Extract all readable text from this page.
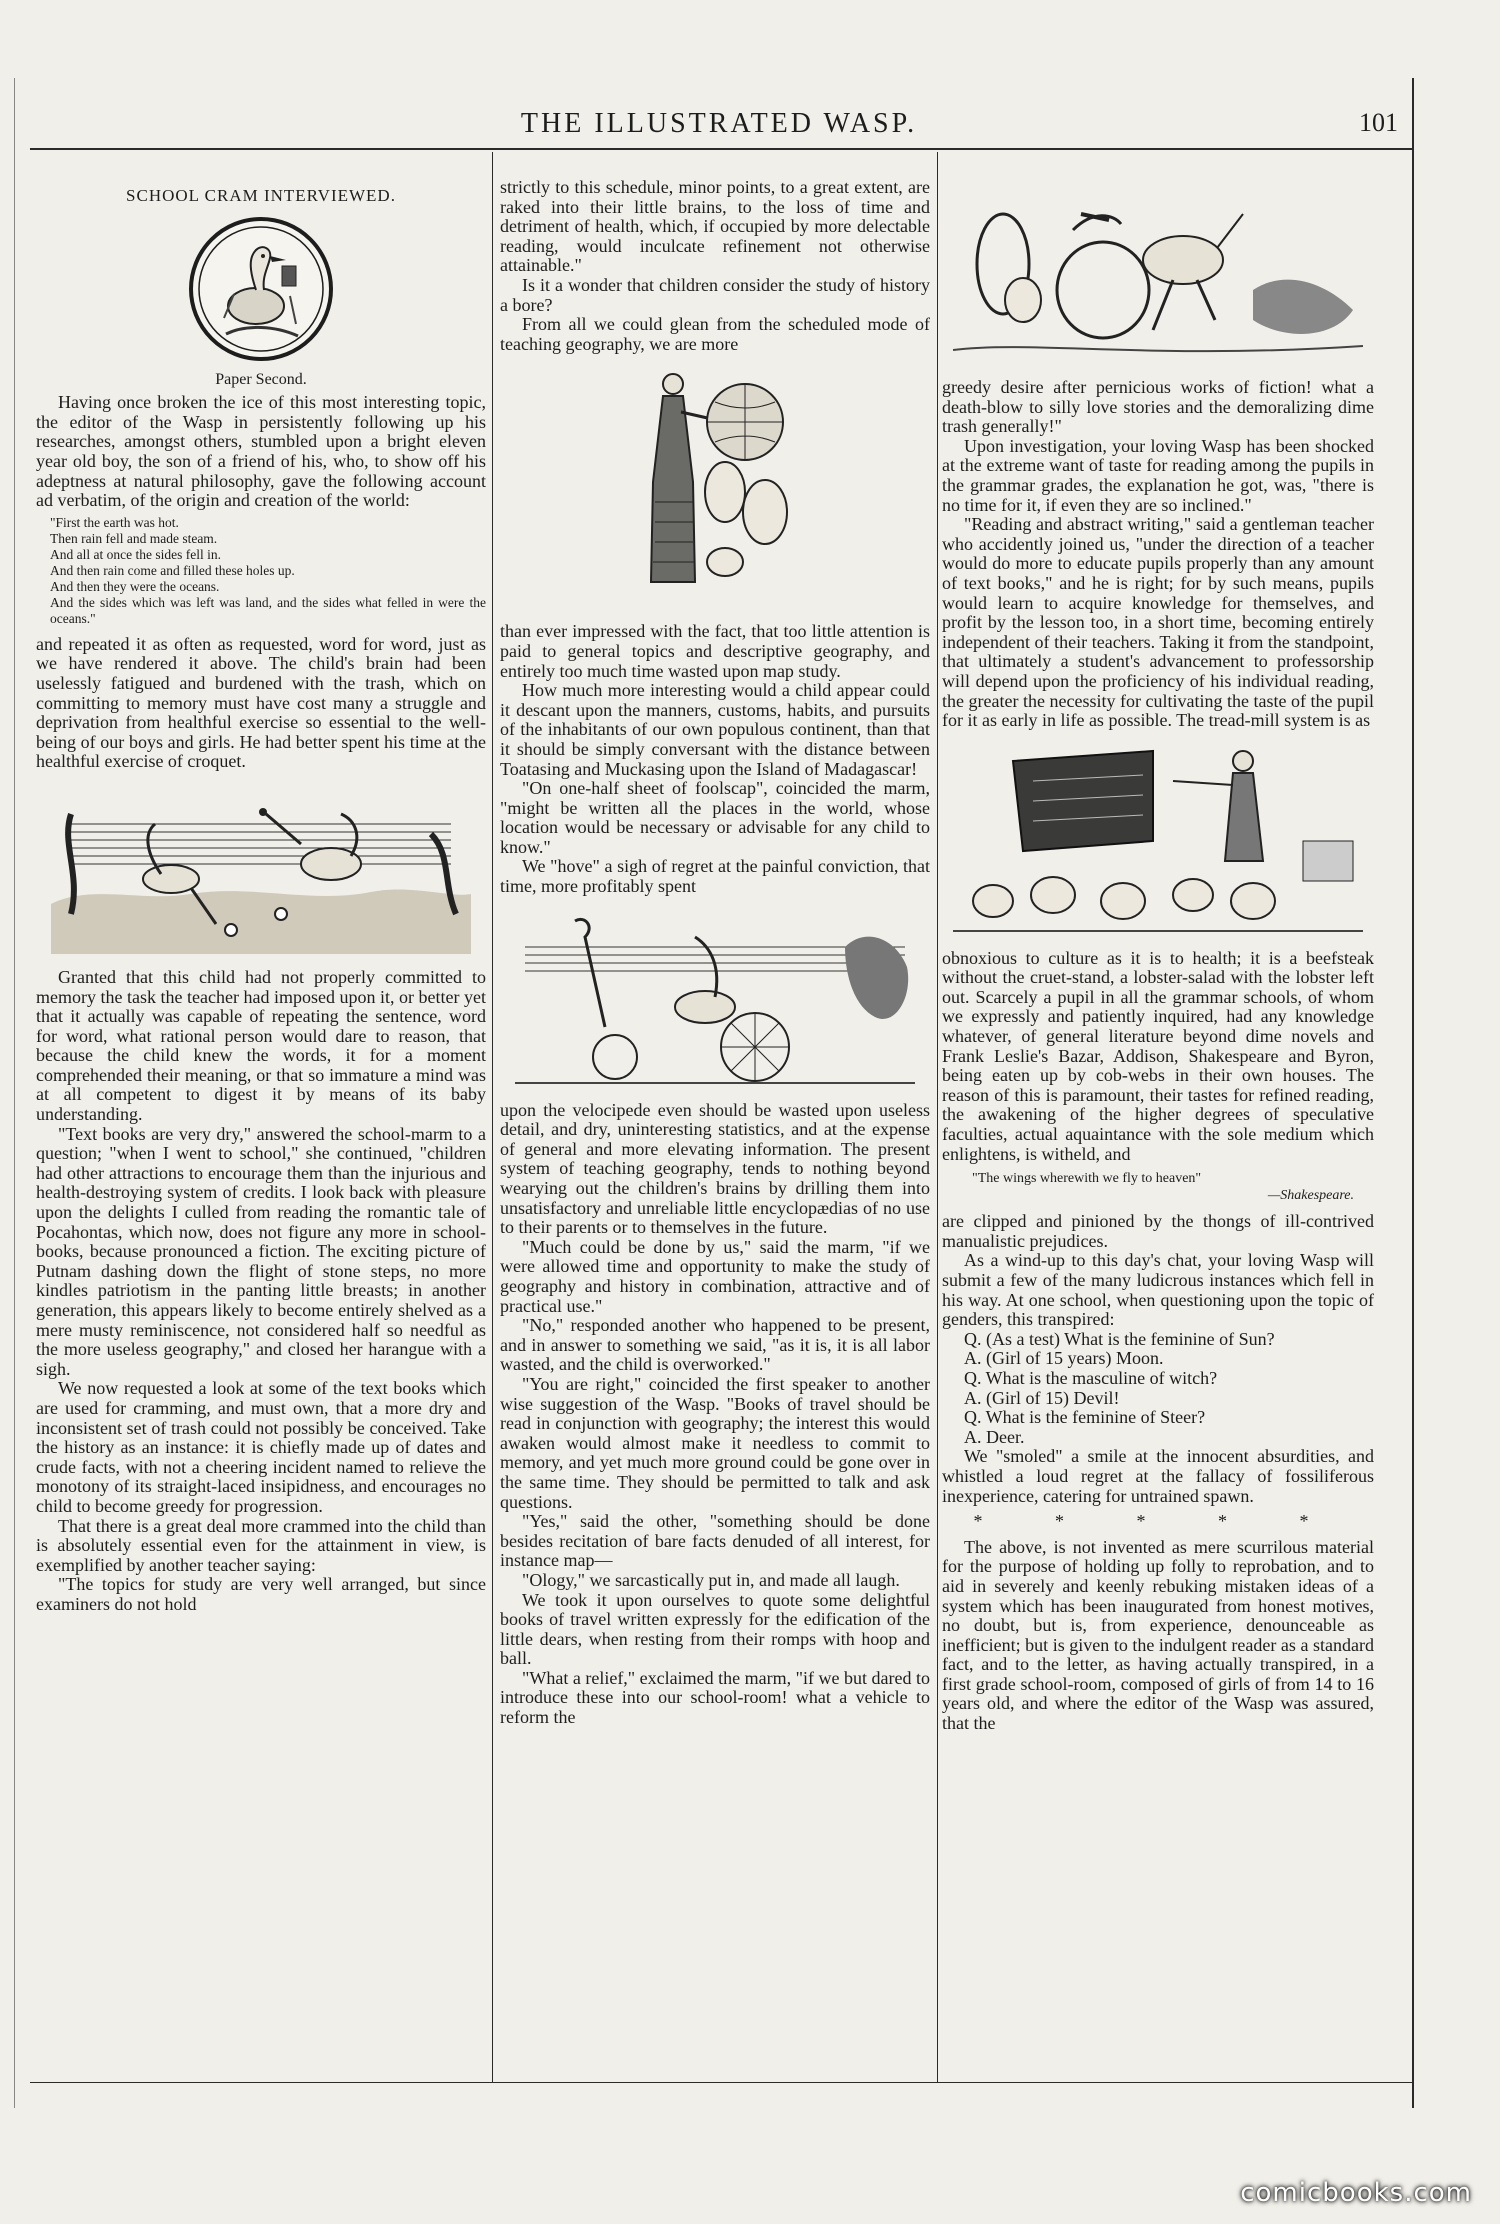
THE ILLUSTRATED WASP.	101
SCHOOL CRAM INTERVIEWED.
Paper Second.

Having once broken the ice of this most interesting topic, the editor of the Wasp in persistently following up his researches, amongst others, stumbled upon a bright eleven year old boy, the son of a friend of his, who, to show off his adeptness at natural philosophy, gave the following account ad verbatim, of the origin and creation of the world:

"First the earth was hot.
Then rain fell and made steam.
And all at once the sides fell in.
And then rain come and filled these holes up.
And then they were the oceans.
And the sides which was left was land, and the sides what felled in were the oceans."

and repeated it as often as requested, word for word, just as we have rendered it above. The child's brain had been uselessly fatigued and burdened with the trash, which on committing to memory must have cost many a struggle and deprivation from healthful exercise so essential to the well-being of our boys and girls. He had better spent his time at the healthful exercise of croquet.

Granted that this child had not properly committed to memory the task the teacher had imposed upon it, or better yet that it actually was capable of repeating the sentence, word for word, what rational person would dare to reason, that because the child knew the words, it for a moment comprehended their meaning, or that so immature a mind was at all competent to digest it by means of its baby understanding.

"Text books are very dry," answered the school-marm to a question; "when I went to school," she continued, "children had other attractions to encourage them than the injurious and health-destroying system of credits. I look back with pleasure upon the delights I culled from reading the romantic tale of Pocahontas, which now, does not figure any more in school-books, because pronounced a fiction. The exciting picture of Putnam dashing down the flight of stone steps, no more kindles patriotism in the panting little breasts; in another generation, this appears likely to become entirely shelved as a mere musty reminiscence, not considered half so needful as the more useless geography," and closed her harangue with a sigh.

We now requested a look at some of the text books which are used for cramming, and must own, that a more dry and inconsistent set of trash could not possibly be conceived. Take the history as an instance: it is chiefly made up of dates and crude facts, with not a cheering incident named to relieve the monotony of its straight-laced insipidness, and encourages no child to become greedy for progression.

That there is a great deal more crammed into the child than is absolutely essential even for the attainment in view, is exemplified by another teacher saying:

"The topics for study are very well arranged, but since examiners do not hold

strictly to this schedule, minor points, to a great extent, are raked into their little brains, to the loss of time and detriment of health, which, if occupied by more delectable reading, would inculcate refinement not otherwise attainable."

Is it a wonder that children consider the study of history a bore?

From all we could glean from the scheduled mode of teaching geography, we are more

than ever impressed with the fact, that too little attention is paid to general topics and descriptive geography, and entirely too much time wasted upon map study.

How much more interesting would a child appear could it descant upon the manners, customs, habits, and pursuits of the inhabitants of our own populous continent, than that it should be simply conversant with the distance between Toatasing and Muckasing upon the Island of Madagascar!

"On one-half sheet of foolscap", coincided the marm, "might be written all the places in the world, whose location would be necessary or advisable for any child to know."

We "hove" a sigh of regret at the painful conviction, that time, more profitably spent

upon the velocipede even should be wasted upon useless detail, and dry, uninteresting statistics, and at the expense of general and more elevating information. The present system of teaching geography, tends to nothing beyond wearying out the children's brains by drilling them into unsatisfactory and unreliable little encyclopædias of no use to their parents or to themselves in the future.

"Much could be done by us," said the marm, "if we were allowed time and opportunity to make the study of geography and history in combination, attractive and of practical use."

"No," responded another who happened to be present, and in answer to something we said, "as it is, it is all labor wasted, and the child is overworked."

"You are right," coincided the first speaker to another wise suggestion of the Wasp. "Books of travel should be read in conjunction with geography; the interest this would awaken would almost make it needless to commit to memory, and yet much more ground could be gone over in the same time. They should be permitted to talk and ask questions.

"Yes," said the other, "something should be done besides recitation of bare facts denuded of all interest, for instance map—

"Ology," we sarcastically put in, and made all laugh.

We took it upon ourselves to quote some delightful books of travel written expressly for the edification of the little dears, when resting from their romps with hoop and ball.

"What a relief," exclaimed the marm, "if we but dared to introduce these into our school-room! what a vehicle to reform the

greedy desire after pernicious works of fiction! what a death-blow to silly love stories and the demoralizing dime trash generally!"

Upon investigation, your loving Wasp has been shocked at the extreme want of taste for reading among the pupils in the grammar grades, the explanation he got, was, "there is no time for it, if even they are so inclined."

"Reading and abstract writing," said a gentleman teacher who accidently joined us, "under the direction of a teacher would do more to educate pupils properly than any amount of text books," and he is right; for by such means, pupils would learn to acquire knowledge for themselves, and profit by the lesson too, in a short time, becoming entirely independent of their teachers. Taking it from the standpoint, that ultimately a student's advancement to professorship will depend upon the proficiency of his individual reading, the greater the necessity for cultivating the taste of the pupil for it as early in life as possible. The tread-mill system is as

obnoxious to culture as it is to health; it is a beefsteak without the cruet-stand, a lobster-salad with the lobster left out. Scarcely a pupil in all the grammar schools, of whom we expressly and patiently inquired, had any knowledge whatever, of general literature beyond dime novels and Frank Leslie's Bazar, Addison, Shakespeare and Byron, being eaten up by cob-webs in their own houses. The reason of this is paramount, their tastes for refined reading, the awakening of the higher degrees of speculative faculties, actual aquaintance with the sole medium which enlightens, is witheld, and

"The wings wherewith we fly to heaven"
—Shakespeare.

are clipped and pinioned by the thongs of ill-contrived manualistic prejudices.

As a wind-up to this day's chat, your loving Wasp will submit a few of the many ludicrous instances which fell in his way. At one school, when questioning upon the topic of genders, this transpired:

Q. (As a test) What is the feminine of Sun?

A. (Girl of 15 years) Moon.

Q. What is the masculine of witch?

A. (Girl of 15) Devil!

Q. What is the feminine of Steer?

A. Deer.

We "smoled" a smile at the innocent absurdities, and whistled a loud regret at the fallacy of fossiliferous inexperience, catering for untrained spawn.

* * * * *

The above, is not invented as mere scurrilous material for the purpose of holding up folly to reprobation, and to aid in severely and keenly rebuking mistaken ideas of a system which has been inaugurated from honest motives, no doubt, but is, from experience, denounceable as inefficient; but is given to the indulgent reader as a standard fact, and to the letter, as having actually transpired, in a first grade school-room, composed of girls of from 14 to 16 years old, and where the editor of the Wasp was assured, that the

comicbooks.com
